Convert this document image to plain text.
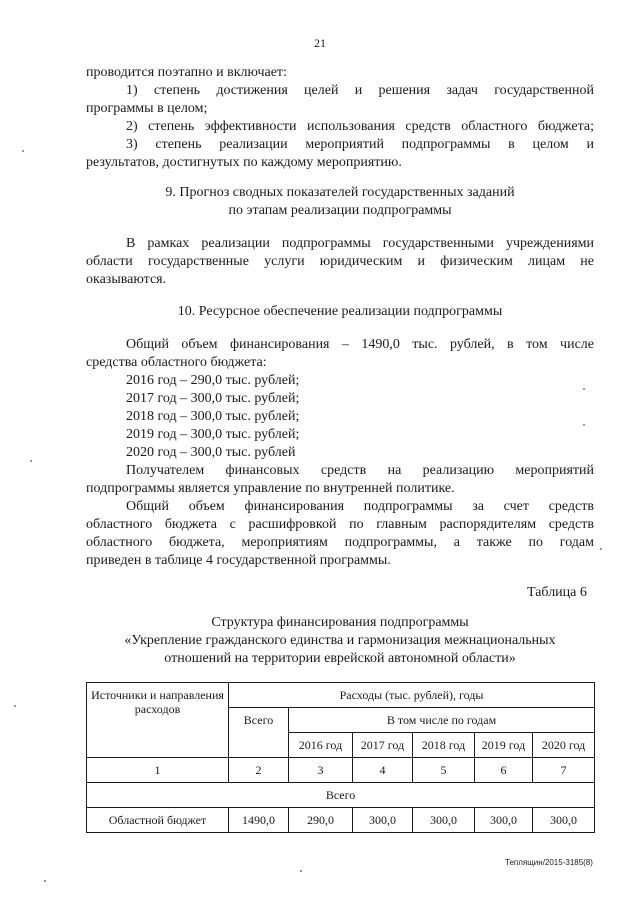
21
проводится поэтапно и включает:
1) степень достижения целей и решения задач государственной
программы в целом;
2) степень эффективности использования средств областного бюджета;
3) степень реализации мероприятий подпрограммы в целом и
результатов, достигнутых по каждому мероприятию.
9. Прогноз сводных показателей государственных заданий
по этапам реализации подпрограммы
В рамках реализации подпрограммы государственными учреждениями
области государственные услуги юридическим и физическим лицам не
оказываются.
10. Ресурсное обеспечение реализации подпрограммы
Общий объем финансирования – 1490,0 тыс. рублей, в том числе
средства областного бюджета:
2016 год – 290,0 тыс. рублей;
2017 год – 300,0 тыс. рублей;
2018 год – 300,0 тыс. рублей;
2019 год – 300,0 тыс. рублей;
2020 год – 300,0 тыс. рублей
Получателем финансовых средств на реализацию мероприятий
подпрограммы является управление по внутренней политике.
Общий объем финансирования подпрограммы за счет средств
областного бюджета с расшифровкой по главным распорядителям средств
областного бюджета, мероприятиям подпрограммы, а также по годам
приведен в таблице 4 государственной программы.
Таблица 6
Структура финансирования подпрограммы
«Укрепление гражданского единства и гармонизация межнациональных
отношений на территории еврейской автономной области»
Источники и направления расходов	Расходы (тыс. рублей), годы					
	Всего	В том числе по годам				
		2016 год	2017 год	2018 год	2019 год	2020 год
1	2	3	4	5	6	7
Всего						
Областной бюджет	1490,0	290,0	300,0	300,0	300,0	300,0
Теплящин/2015-3185(8)
